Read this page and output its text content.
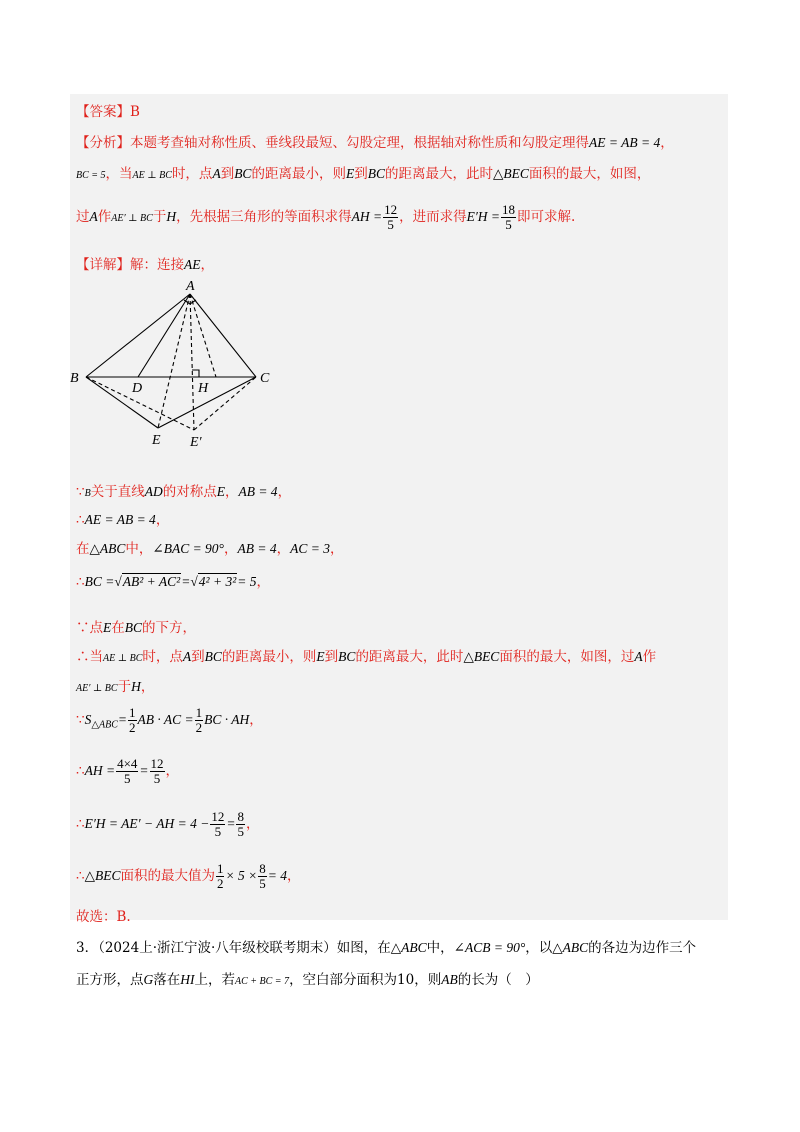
【答案】B
【分析】本题考查轴对称性质、垂线段最短、勾股定理，根据轴对称性质和勾股定理得AE = AB = 4，
BC = 5，当AE ⊥ BC时，点A到BC的距离最小，则E到BC的距离最大，此时△BEC面积的最大，如图，
过A作AE′ ⊥ BC于H，先根据三角形的等面积求得AH = $\frac{12}{5}$ ，进而求得$E'H = \frac{18}{5}$ 即可求解.
【详解】解：连接AE，
A
B	C
D	H
E E′
∵B关于直线AD的对称点E，AB = 4，
∴AE = AB = 4，
在△ABC中，∠BAC = 90°，AB = 4，AC = 3，
∴BC =√AB² + AC²=√4² + 3²= 5，
∵点E在BC的下方，
∴当AE ⊥ BC时，点A到BC的距离最小，则E到BC的距离最大，此时△BEC面积的最大，如图，过A作
AE′ ⊥ BC于H，
$\because S_{\triangle ABC}= \frac{1}{2}$ AB · AC = $\frac{1}{2}$ BC · AH，
∴AH = $\frac{4\times 4}{5} = \frac{12}{5}$ ，
∴E′H = AE′ − AH = $4 - \frac{12}{5} = \frac{8}{5}$ ，
∴△BEC面积的最大值为 $\frac{1}{2} \times 5 \times \frac{8}{5} = 4$，
故选：B.
3．（2024上·浙江宁波·八年级校联考期末）如图，在△ABC中，∠ACB = 90°，以△ABC的各边为边作三个
正方形，点G落在HI上，若AC + BC = 7，空白部分面积为10，则AB的长为（　）
